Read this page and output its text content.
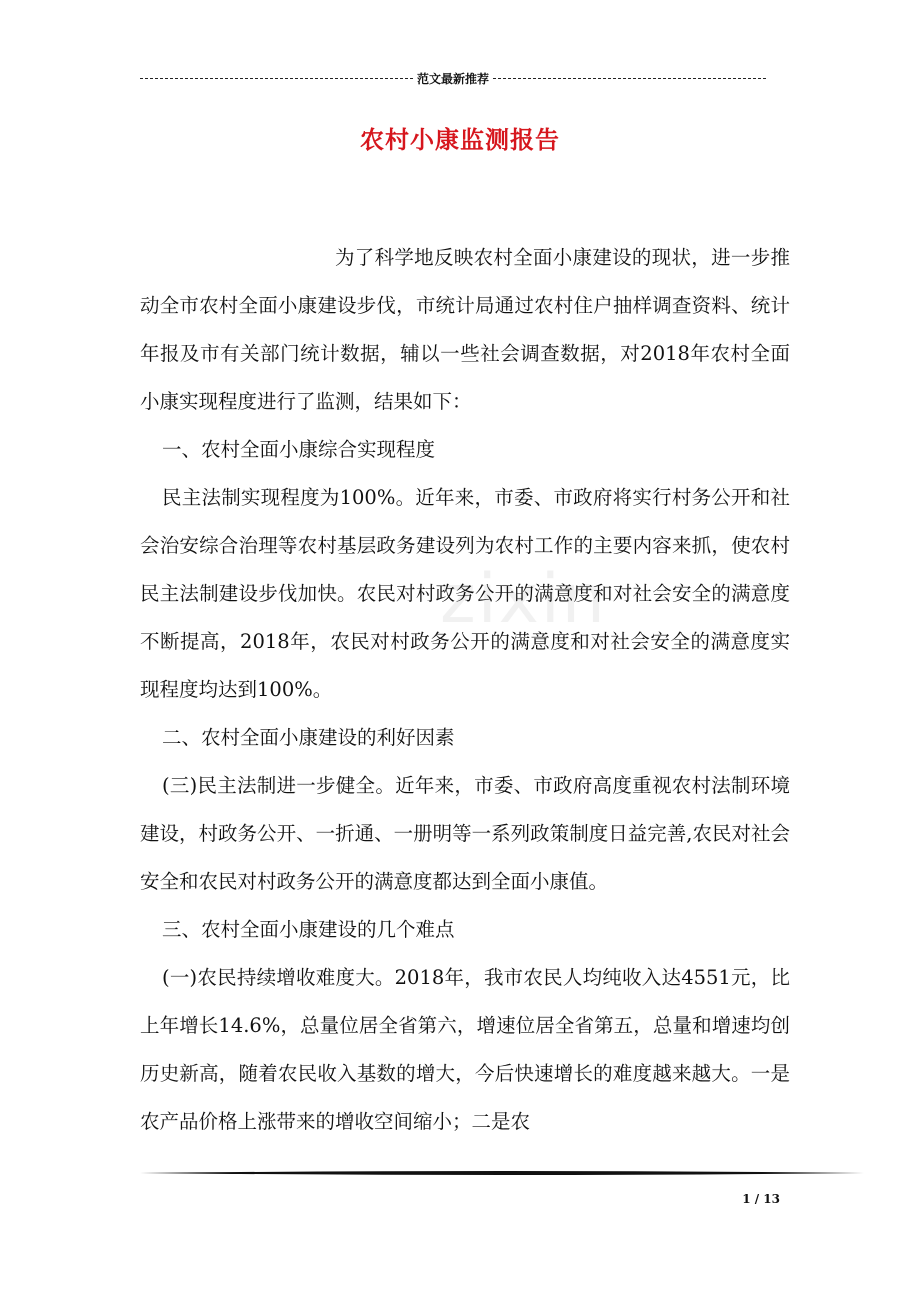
范文最新推荐
农村小康监测报告
zixin

为了科学地反映农村全面小康建设的现状，进一步推动全市农村全面小康建设步伐，市统计局通过农村住户抽样调查资料、统计年报及市有关部门统计数据，辅以一些社会调查数据，对2018年农村全面小康实现程度进行了监测，结果如下：

一、农村全面小康综合实现程度

民主法制实现程度为100%。近年来，市委、市政府将实行村务公开和社会治安综合治理等农村基层政务建设列为农村工作的主要内容来抓，使农村民主法制建设步伐加快。农民对村政务公开的满意度和对社会安全的满意度不断提高，2018年，农民对村政务公开的满意度和对社会安全的满意度实现程度均达到100%。

二、农村全面小康建设的利好因素

(三)民主法制进一步健全。近年来，市委、市政府高度重视农村法制环境建设，村政务公开、一折通、一册明等一系列政策制度日益完善,农民对社会安全和农民对村政务公开的满意度都达到全面小康值。

三、农村全面小康建设的几个难点

(一)农民持续增收难度大。2018年，我市农民人均纯收入达4551元，比上年增长14.6%，总量位居全省第六，增速位居全省第五，总量和增速均创历史新高，随着农民收入基数的增大，今后快速增长的难度越来越大。一是农产品价格上涨带来的增收空间缩小；二是农

1 / 13
